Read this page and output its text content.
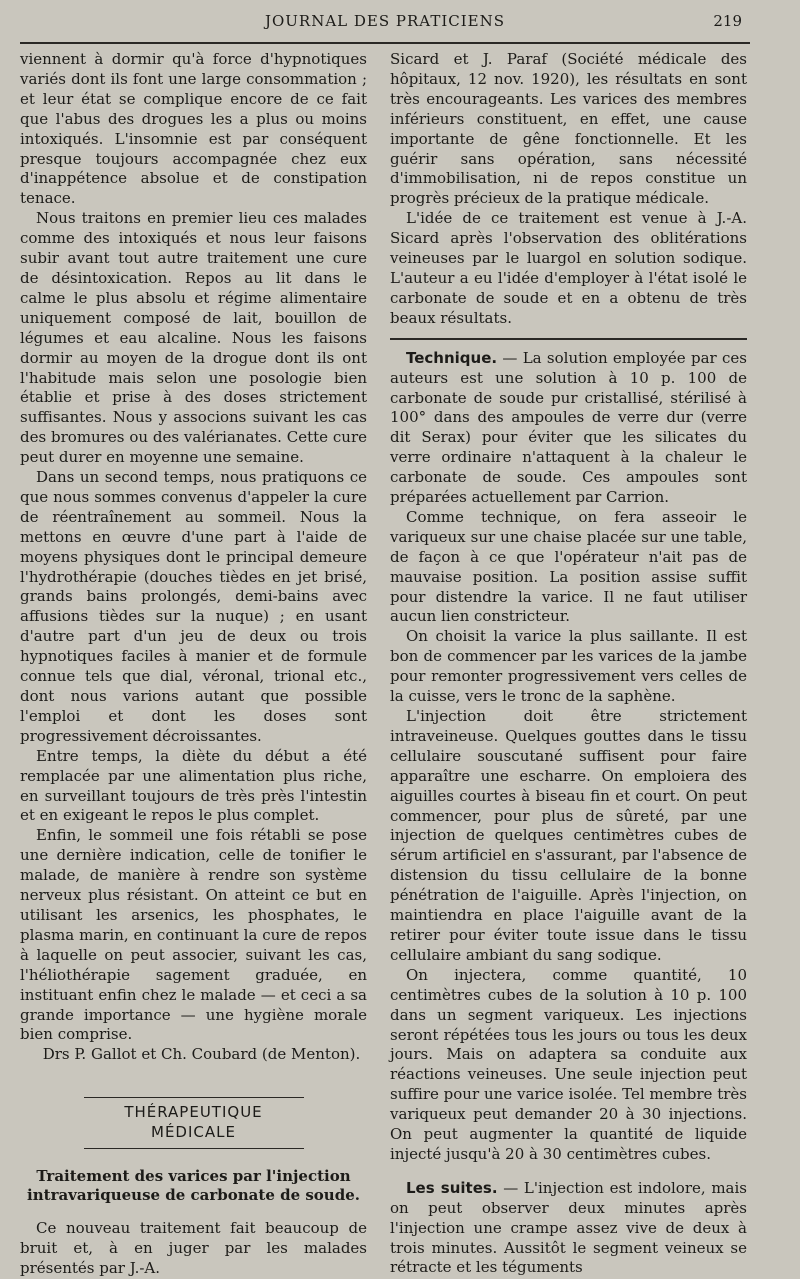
JOURNAL DES PRATICIENS	219

viennent à dormir qu'à force d'hypnotiques variés dont ils font une large consommation ; et leur état se complique encore de ce fait que l'abus des drogues les a plus ou moins intoxiqués. L'insomnie est par conséquent presque toujours accompagnée chez eux d'inappétence absolue et de constipation tenace.

Nous traitons en premier lieu ces malades comme des intoxiqués et nous leur faisons subir avant tout autre traitement une cure de désintoxication. Repos au lit dans le calme le plus absolu et régime alimentaire uniquement composé de lait, bouillon de légumes et eau alcaline. Nous les faisons dormir au moyen de la drogue dont ils ont l'habitude mais selon une posologie bien établie et prise à des doses strictement suffisantes. Nous y associons suivant les cas des bromures ou des valérianates. Cette cure peut durer en moyenne une semaine.

Dans un second temps, nous pratiquons ce que nous sommes convenus d'appeler la cure de réentraînement au sommeil. Nous la mettons en œuvre d'une part à l'aide de moyens physiques dont le principal demeure l'hydrothérapie (douches tièdes en jet brisé, grands bains prolongés, demi-bains avec affusions tièdes sur la nuque) ; en usant d'autre part d'un jeu de deux ou trois hypnotiques faciles à manier et de formule connue tels que dial, véronal, trional etc., dont nous varions autant que possible l'emploi et dont les doses sont progressivement décroissantes.

Entre temps, la diète du début a été remplacée par une alimentation plus riche, en surveillant toujours de très près l'intestin et en exigeant le repos le plus complet.

Enfin, le sommeil une fois rétabli se pose une dernière indication, celle de tonifier le malade, de manière à rendre son système nerveux plus résistant. On atteint ce but en utilisant les arsenics, les phosphates, le plasma marin, en continuant la cure de repos à laquelle on peut associer, suivant les cas, l'héliothérapie sagement graduée, en instituant enfin chez le malade — et ceci a sa grande importance — une hygiène morale bien comprise.

Drs P. Gallot et Ch. Coubard (de Menton).

THÉRAPEUTIQUE MÉDICALE
Traitement des varices par l'injection intravariqueuse de carbonate de soude.

Ce nouveau traitement fait beaucoup de bruit et, à en juger par les malades présentés par J.-A.

Sicard et J. Paraf (Société médicale des hôpitaux, 12 nov. 1920), les résultats en sont très encourageants. Les varices des membres inférieurs constituent, en effet, une cause importante de gêne fonctionnelle. Et les guérir sans opération, sans nécessité d'immobilisation, ni de repos constitue un progrès précieux de la pratique médicale.

L'idée de ce traitement est venue à J.-A. Sicard après l'observation des oblitérations veineuses par le luargol en solution sodique. L'auteur a eu l'idée d'employer à l'état isolé le carbonate de soude et en a obtenu de très beaux résultats.

Technique. — La solution employée par ces auteurs est une solution à 10 p. 100 de carbonate de soude pur cristallisé, stérilisé à 100° dans des ampoules de verre dur (verre dit Serax) pour éviter que les silicates du verre ordinaire n'attaquent à la chaleur le carbonate de soude. Ces ampoules sont préparées actuellement par Carrion.

Comme technique, on fera asseoir le variqueux sur une chaise placée sur une table, de façon à ce que l'opérateur n'ait pas de mauvaise position. La position assise suffit pour distendre la varice. Il ne faut utiliser aucun lien constricteur.

On choisit la varice la plus saillante. Il est bon de commencer par les varices de la jambe pour remonter progressivement vers celles de la cuisse, vers le tronc de la saphène.

L'injection doit être strictement intraveineuse. Quelques gouttes dans le tissu cellulaire souscutané suffisent pour faire apparaître une escharre. On emploiera des aiguilles courtes à biseau fin et court. On peut commencer, pour plus de sûreté, par une injection de quelques centimètres cubes de sérum artificiel en s'assurant, par l'absence de distension du tissu cellulaire de la bonne pénétration de l'aiguille. Après l'injection, on maintiendra en place l'aiguille avant de la retirer pour éviter toute issue dans le tissu cellulaire ambiant du sang sodique.

On injectera, comme quantité, 10 centimètres cubes de la solution à 10 p. 100 dans un segment variqueux. Les injections seront répétées tous les jours ou tous les deux jours. Mais on adaptera sa conduite aux réactions veineuses. Une seule injection peut suffire pour une varice isolée. Tel membre très variqueux peut demander 20 à 30 injections. On peut augmenter la quantité de liquide injecté jusqu'à 20 à 30 centimètres cubes.

Les suites. — L'injection est indolore, mais on peut observer deux minutes après l'injection une crampe assez vive de deux à trois minutes. Aussitôt le segment veineux se rétracte et les téguments
